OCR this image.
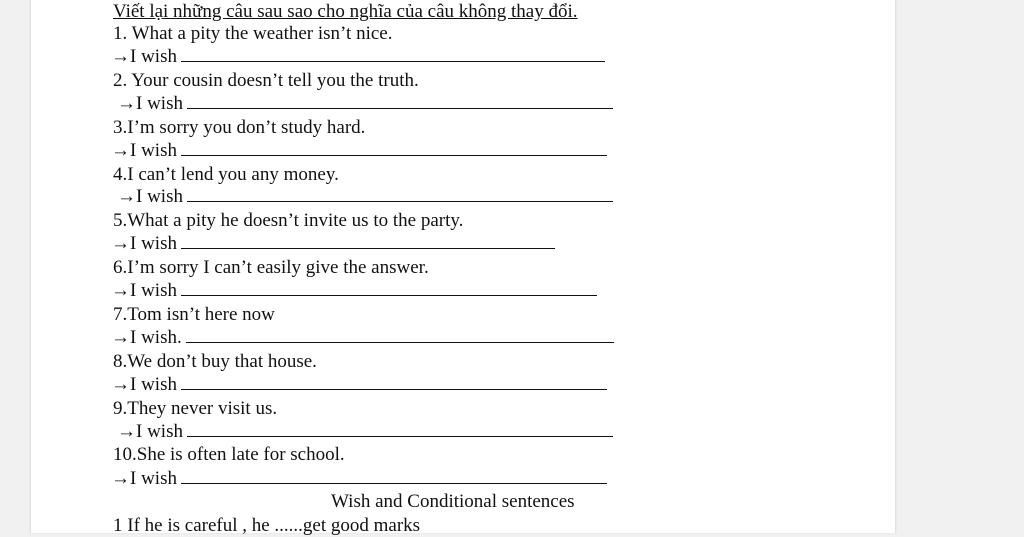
Viết lại những câu sau sao cho nghĩa của câu không thay đổi.
1. What a pity the weather isn’t nice.
→I wish
2. Your cousin doesn’t tell you the truth.
→I wish
3.I’m sorry you don’t study hard.
→I wish
4.I can’t lend you any money.
→I wish
5.What a pity he doesn’t invite us to the party.
→I wish
6.I’m sorry I can’t easily give the answer.
→I wish
7.Tom isn’t here now
→I wish.
8.We don’t buy that house.
→I wish
9.They never visit us.
→I wish
10.She is often late for school.
→I wish
Wish and Conditional sentences
1 If he is careful , he ......get good marks
